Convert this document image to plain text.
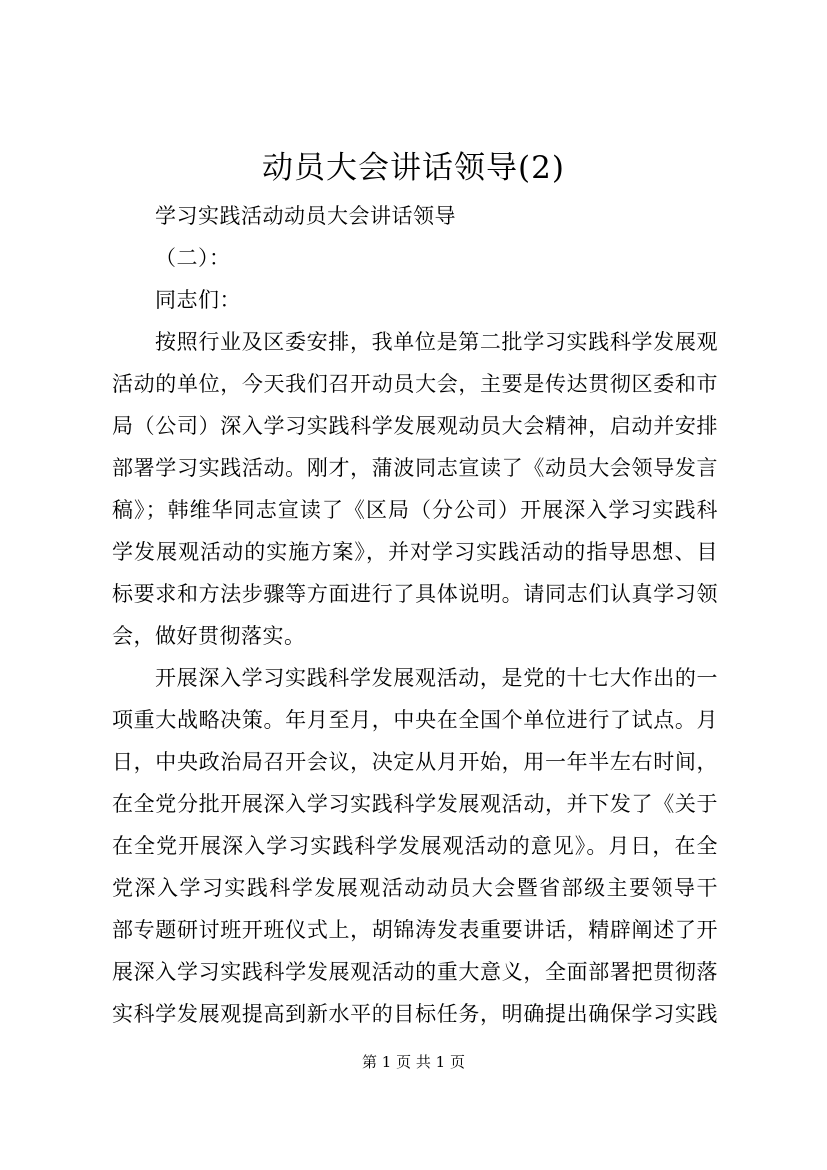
动员大会讲话领导(2)
学习实践活动动员大会讲话领导
（二）：
同志们：
按照行业及区委安排，我单位是第二批学习实践科学发展观
活动的单位，今天我们召开动员大会，主要是传达贯彻区委和市
局（公司）深入学习实践科学发展观动员大会精神，启动并安排
部署学习实践活动。刚才，蒲波同志宣读了《动员大会领导发言
稿》；韩维华同志宣读了《区局（分公司）开展深入学习实践科
学发展观活动的实施方案》，并对学习实践活动的指导思想、目
标要求和方法步骤等方面进行了具体说明。请同志们认真学习领
会，做好贯彻落实。
开展深入学习实践科学发展观活动，是党的十七大作出的一
项重大战略决策。年月至月，中央在全国个单位进行了试点。月
日，中央政治局召开会议，决定从月开始，用一年半左右时间，
在全党分批开展深入学习实践科学发展观活动，并下发了《关于
在全党开展深入学习实践科学发展观活动的意见》。月日，在全
党深入学习实践科学发展观活动动员大会暨省部级主要领导干
部专题研讨班开班仪式上，胡锦涛发表重要讲话，精辟阐述了开
展深入学习实践科学发展观活动的重大意义，全面部署把贯彻落
实科学发展观提高到新水平的目标任务，明确提出确保学习实践
第 1 页 共 1 页
